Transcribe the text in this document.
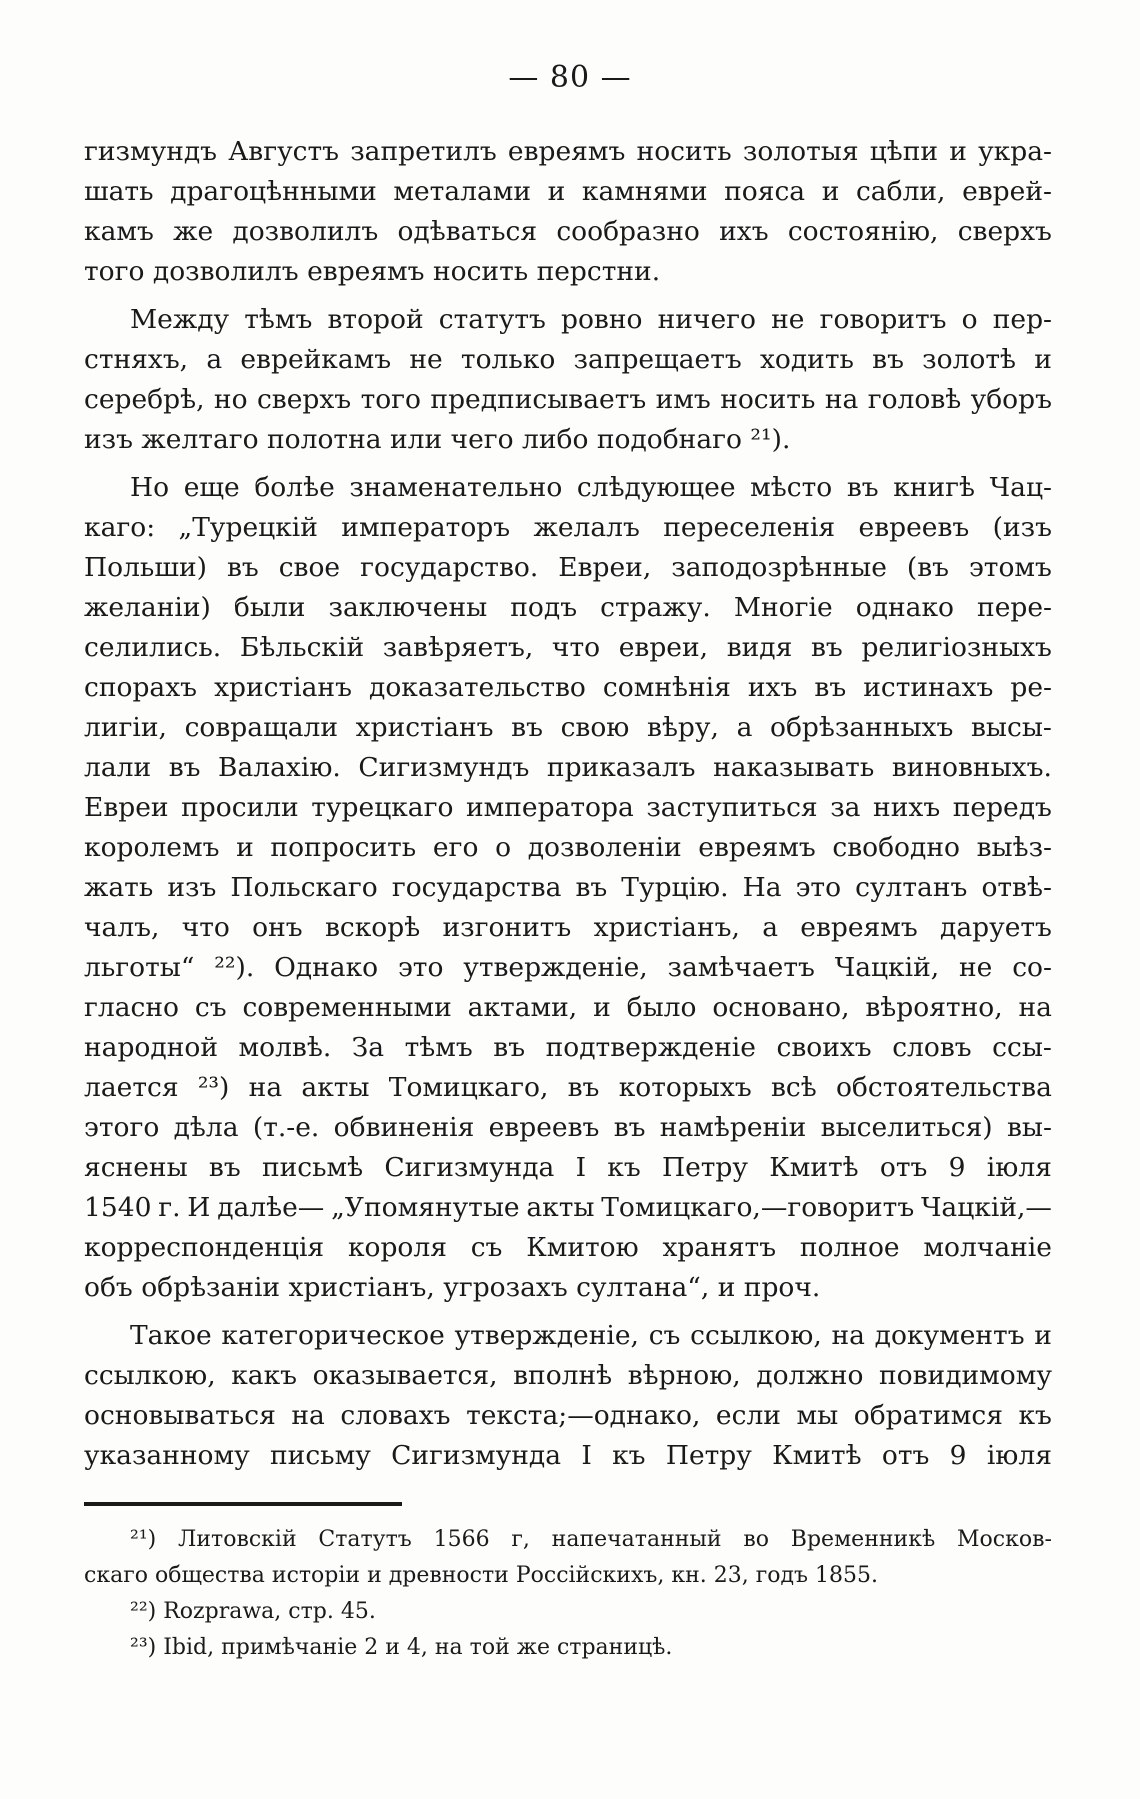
— 80 —
гизмундъ Августъ запретилъ евреямъ носить золотыя цѣпи и укра-
шать драгоцѣнными металами и камнями пояса и сабли, еврей-
камъ же дозволилъ одѣваться сообразно ихъ состоянію, сверхъ
того дозволилъ евреямъ носить перстни.
Между тѣмъ второй статутъ ровно ничего не говоритъ о пер-
стняхъ, а еврейкамъ не только запрещаетъ ходить въ золотѣ и
серебрѣ, но сверхъ того предписываетъ имъ носить на головѣ уборъ
изъ желтаго полотна или чего либо подобнаго ²¹).
Но еще болѣе знаменательно слѣдующее мѣсто въ книгѣ Чац-
каго: „Турецкій императоръ желалъ переселенія евреевъ (изъ
Польши) въ свое государство. Евреи, заподозрѣнные (въ этомъ
желаніи) были заключены подъ стражу. Многіе однако пере-
селились. Бѣльскій завѣряетъ, что евреи, видя въ религіозныхъ
спорахъ христіанъ доказательство сомнѣнія ихъ въ истинахъ ре-
лигіи, совращали христіанъ въ свою вѣру, а обрѣзанныхъ высы-
лали въ Валахію. Сигизмундъ приказалъ наказывать виновныхъ.
Евреи просили турецкаго императора заступиться за нихъ передъ
королемъ и попросить его о дозволеніи евреямъ свободно выѣз-
жать изъ Польскаго государства въ Турцію. На это султанъ отвѣ-
чалъ, что онъ вскорѣ изгонитъ христіанъ, а евреямъ даруетъ
льготы“ ²²). Однако это утвержденіе, замѣчаетъ Чацкій, не со-
гласно съ современными актами, и было основано, вѣроятно, на
народной молвѣ. За тѣмъ въ подтвержденіе своихъ словъ ссы-
лается ²³) на акты Томицкаго, въ которыхъ всѣ обстоятельства
этого дѣла (т.-е. обвиненія евреевъ въ намѣреніи выселиться) вы-
яснены въ письмѣ Сигизмунда I къ Петру Кмитѣ отъ 9 іюля
1540 г. И далѣе— „Упомянутые акты Томицкаго,—говоритъ Чацкій,—
корреспонденція короля съ Кмитою хранятъ полное молчаніе
объ обрѣзаніи христіанъ, угрозахъ султана“, и проч.
Такое категорическое утвержденіе, съ ссылкою, на документъ и
ссылкою, какъ оказывается, вполнѣ вѣрною, должно повидимому
основываться на словахъ текста;—однако, если мы обратимся къ
указанному письму Сигизмунда I къ Петру Кмитѣ отъ 9 іюля
²¹) Литовскій Статутъ 1566 г, напечатанный во Временникѣ Москов-
скаго общества исторіи и древности Россійскихъ, кн. 23, годъ 1855.
²²) Rozprawa, стр. 45.
²³) Ibid, примѣчаніе 2 и 4, на той же страницѣ.
